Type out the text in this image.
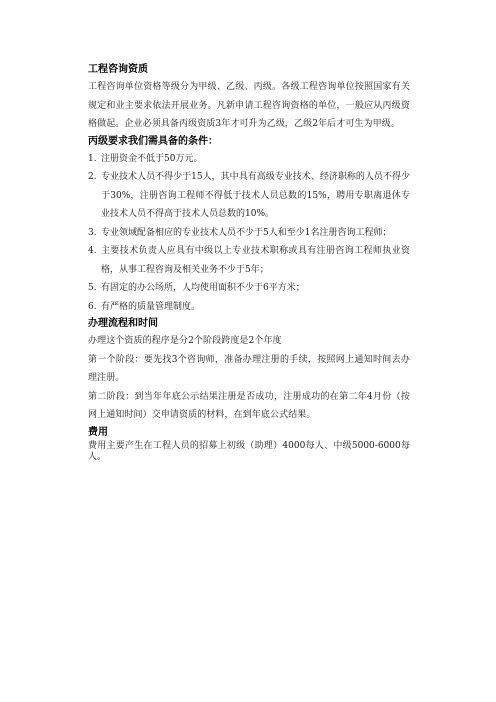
工程咨询资质

工程咨询单位资格等级分为甲级、乙级、丙级。各级工程咨询单位按照国家有关规定和业主要求依法开展业务。凡新申请工程咨询资格的单位，一般应从丙级资格做起。企业必须具备丙级资质3年才可升为乙级，乙级2年后才可生为甲级。

丙级要求我们需具备的条件：

1. 注册资金不低于50万元。
2. 专业技术人员不得少于15人，其中具有高级专业技术、经济职称的人员不得少于30%，注册咨询工程师不得低于技术人员总数的15%，聘用专职离退休专业技术人员不得高于技术人员总数的10%。
3. 专业领域配备相应的专业技术人员不少于5人和至少1名注册咨询工程师；
4. 主要技术负责人应具有中级以上专业技术职称或具有注册咨询工程师执业资格，从事工程咨询及相关业务不少于5年；
5. 有固定的办公场所，人均使用面积不少于6平方米；
6. 有严格的质量管理制度。

办理流程和时间

办理这个资质的程序是分2个阶段跨度是2个年度

第一个阶段：要先找3个咨询师，准备办理注册的手续，按照网上通知时间去办理注册。

第二阶段：到当年年底公示结果注册是否成功，注册成功的在第二年4月份（按网上通知时间）交申请资质的材料，在到年底公式结果。

费用

费用主要产生在工程人员的招募上初级（助理）4000每人、中级5000-6000每人。
